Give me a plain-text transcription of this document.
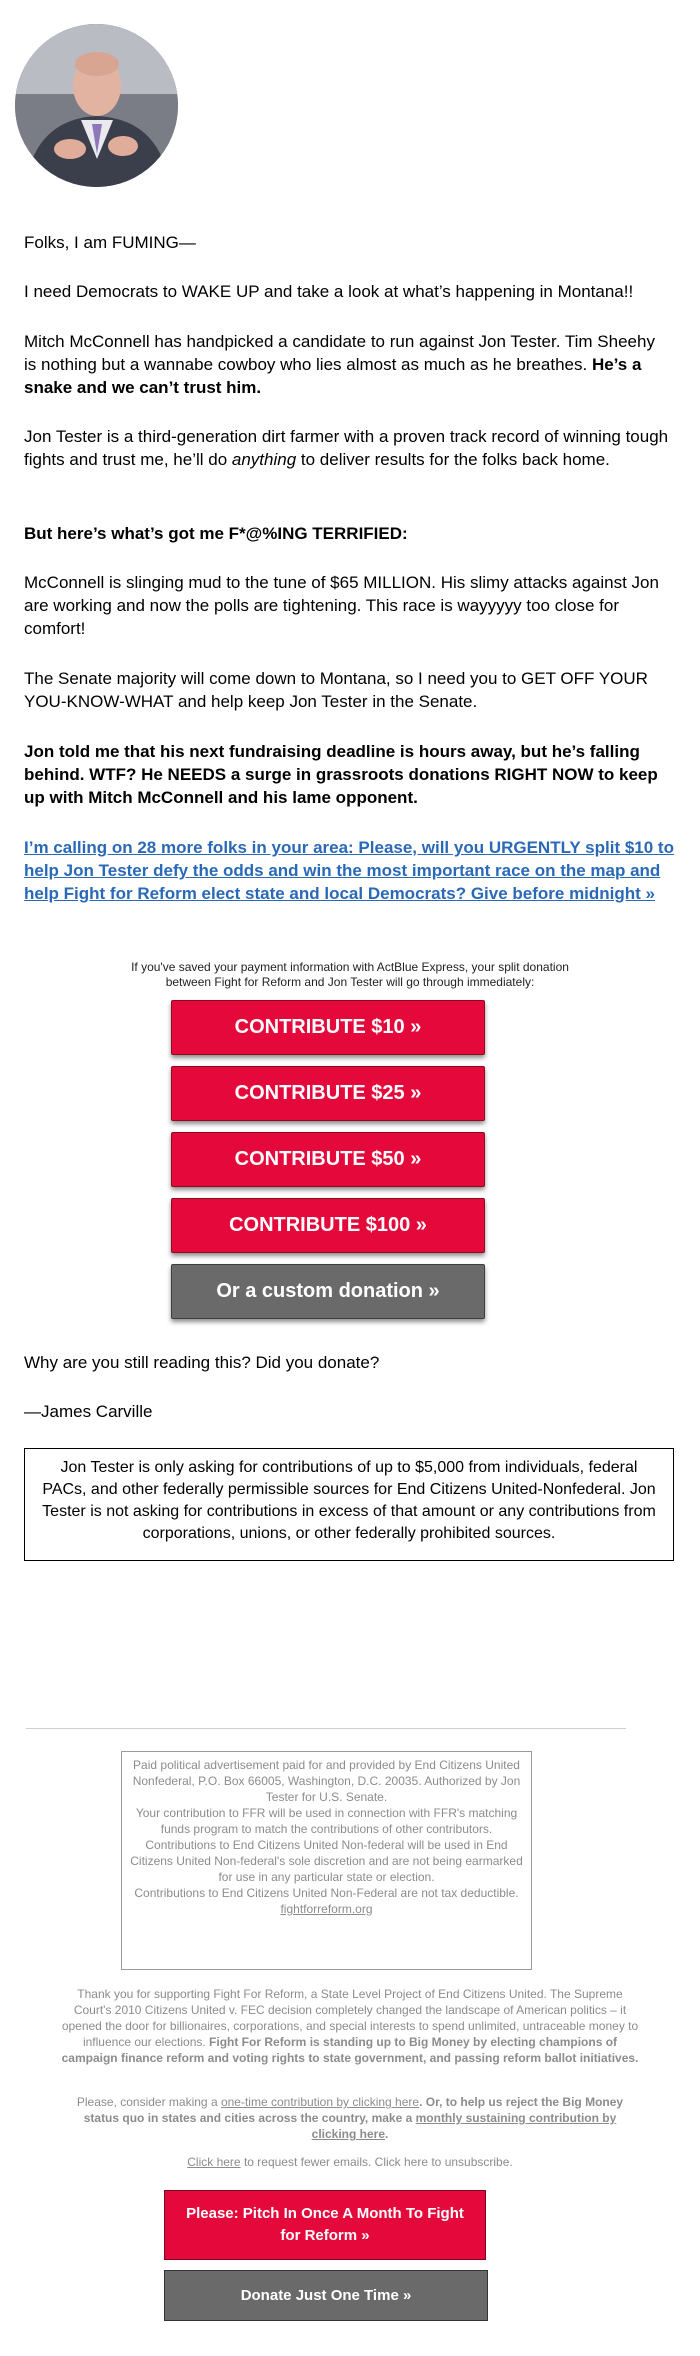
Folks, I am FUMING—

I need Democrats to WAKE UP and take a look at what’s happening in Montana!!

Mitch McConnell has handpicked a candidate to run against Jon Tester. Tim Sheehy is nothing but a wannabe cowboy who lies almost as much as he breathes. He’s a snake and we can’t trust him.

Jon Tester is a third-generation dirt farmer with a proven track record of winning tough fights and trust me, he’ll do anything to deliver results for the folks back home.

But here’s what’s got me F*@%ING TERRIFIED:

McConnell is slinging mud to the tune of $65 MILLION. His slimy attacks against Jon are working and now the polls are tightening. This race is wayyyyy too close for comfort!

The Senate majority will come down to Montana, so I need you to GET OFF YOUR YOU-KNOW-WHAT and help keep Jon Tester in the Senate.

Jon told me that his next fundraising deadline is hours away, but he’s falling behind. WTF? He NEEDS a surge in grassroots donations RIGHT NOW to keep up with Mitch McConnell and his lame opponent.

I’m calling on 28 more folks in your area: Please, will you URGENTLY split $10 to help Jon Tester defy the odds and win the most important race on the map and help Fight for Reform elect state and local Democrats? Give before midnight »

If you've saved your payment information with ActBlue Express, your split donation between Fight for Reform and Jon Tester will go through immediately:

CONTRIBUTE $10 »
CONTRIBUTE $25 »
CONTRIBUTE $50 »
CONTRIBUTE $100 »
Or a custom donation »

Why are you still reading this? Did you donate?

—James Carville

Jon Tester is only asking for contributions of up to $5,000 from individuals, federal PACs, and other federally permissible sources for End Citizens United-Nonfederal. Jon Tester is not asking for contributions in excess of that amount or any contributions from corporations, unions, or other federally prohibited sources.
Paid political advertisement paid for and provided by End Citizens United Nonfederal, P.O. Box 66005, Washington, D.C. 20035. Authorized by Jon Tester for U.S. Senate.
Your contribution to FFR will be used in connection with FFR's matching funds program to match the contributions of other contributors.
Contributions to End Citizens United Non-federal will be used in End Citizens United Non-federal's sole discretion and are not being earmarked for use in any particular state or election.
Contributions to End Citizens United Non-Federal are not tax deductible.
fightforreform.org
Thank you for supporting Fight For Reform, a State Level Project of End Citizens United. The Supreme Court's 2010 Citizens United v. FEC decision completely changed the landscape of American politics – it opened the door for billionaires, corporations, and special interests to spend unlimited, untraceable money to influence our elections. Fight For Reform is standing up to Big Money by electing champions of campaign finance reform and voting rights to state government, and passing reform ballot initiatives.
Please, consider making a one-time contribution by clicking here. Or, to help us reject the Big Money status quo in states and cities across the country, make a monthly sustaining contribution by clicking here.
Click here to request fewer emails. Click here to unsubscribe.
Please: Pitch In Once A Month To Fight for Reform »
Donate Just One Time »
